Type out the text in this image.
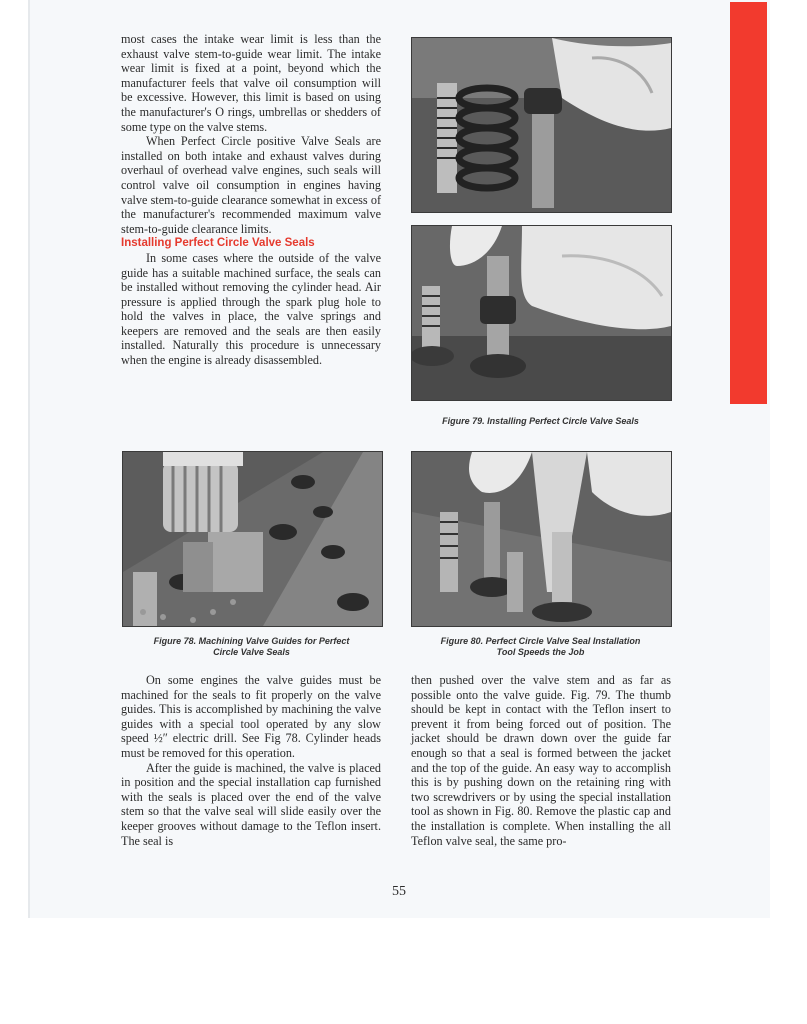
most cases the intake wear limit is less than the exhaust valve stem-to-guide wear limit. The intake wear limit is fixed at a point, beyond which the manufacturer feels that valve oil consumption will be excessive. However, this limit is based on using the manufacturer's O rings, umbrellas or shedders of some type on the valve stems.

When Perfect Circle positive Valve Seals are installed on both intake and exhaust valves during overhaul of overhead valve engines, such seals will control valve oil consumption in engines having valve stem-to-guide clearance somewhat in excess of the manufacturer's recommended maximum valve stem-to-guide clearance limits.

Installing Perfect Circle Valve Seals

In some cases where the outside of the valve guide has a suitable machined surface, the seals can be installed without removing the cylinder head. Air pressure is applied through the spark plug hole to hold the valves in place, the valve springs and keepers are removed and the seals are then easily installed. Naturally this procedure is unnecessary when the engine is already disassembled.

Figure 79. Installing Perfect Circle Valve Seals
Figure 78. Machining Valve Guides for Perfect
Circle Valve Seals
Figure 80. Perfect Circle Valve Seal Installation
Tool Speeds the Job

On some engines the valve guides must be machined for the seals to fit properly on the valve guides. This is accomplished by machining the valve guides with a special tool operated by any slow speed ½″ electric drill. See Fig 78. Cylinder heads must be removed for this operation.

After the guide is machined, the valve is placed in position and the special installation cap furnished with the seals is placed over the end of the valve stem so that the valve seal will slide easily over the keeper grooves without damage to the Teflon insert. The seal is

then pushed over the valve stem and as far as possible onto the valve guide. Fig. 79. The thumb should be kept in contact with the Teflon insert to prevent it from being forced out of position. The jacket should be drawn down over the guide far enough so that a seal is formed between the jacket and the top of the guide. An easy way to accomplish this is by pushing down on the retaining ring with two screwdrivers or by using the special installation tool as shown in Fig. 80. Remove the plastic cap and the installation is complete. When installing the all Teflon valve seal, the same pro-

55
